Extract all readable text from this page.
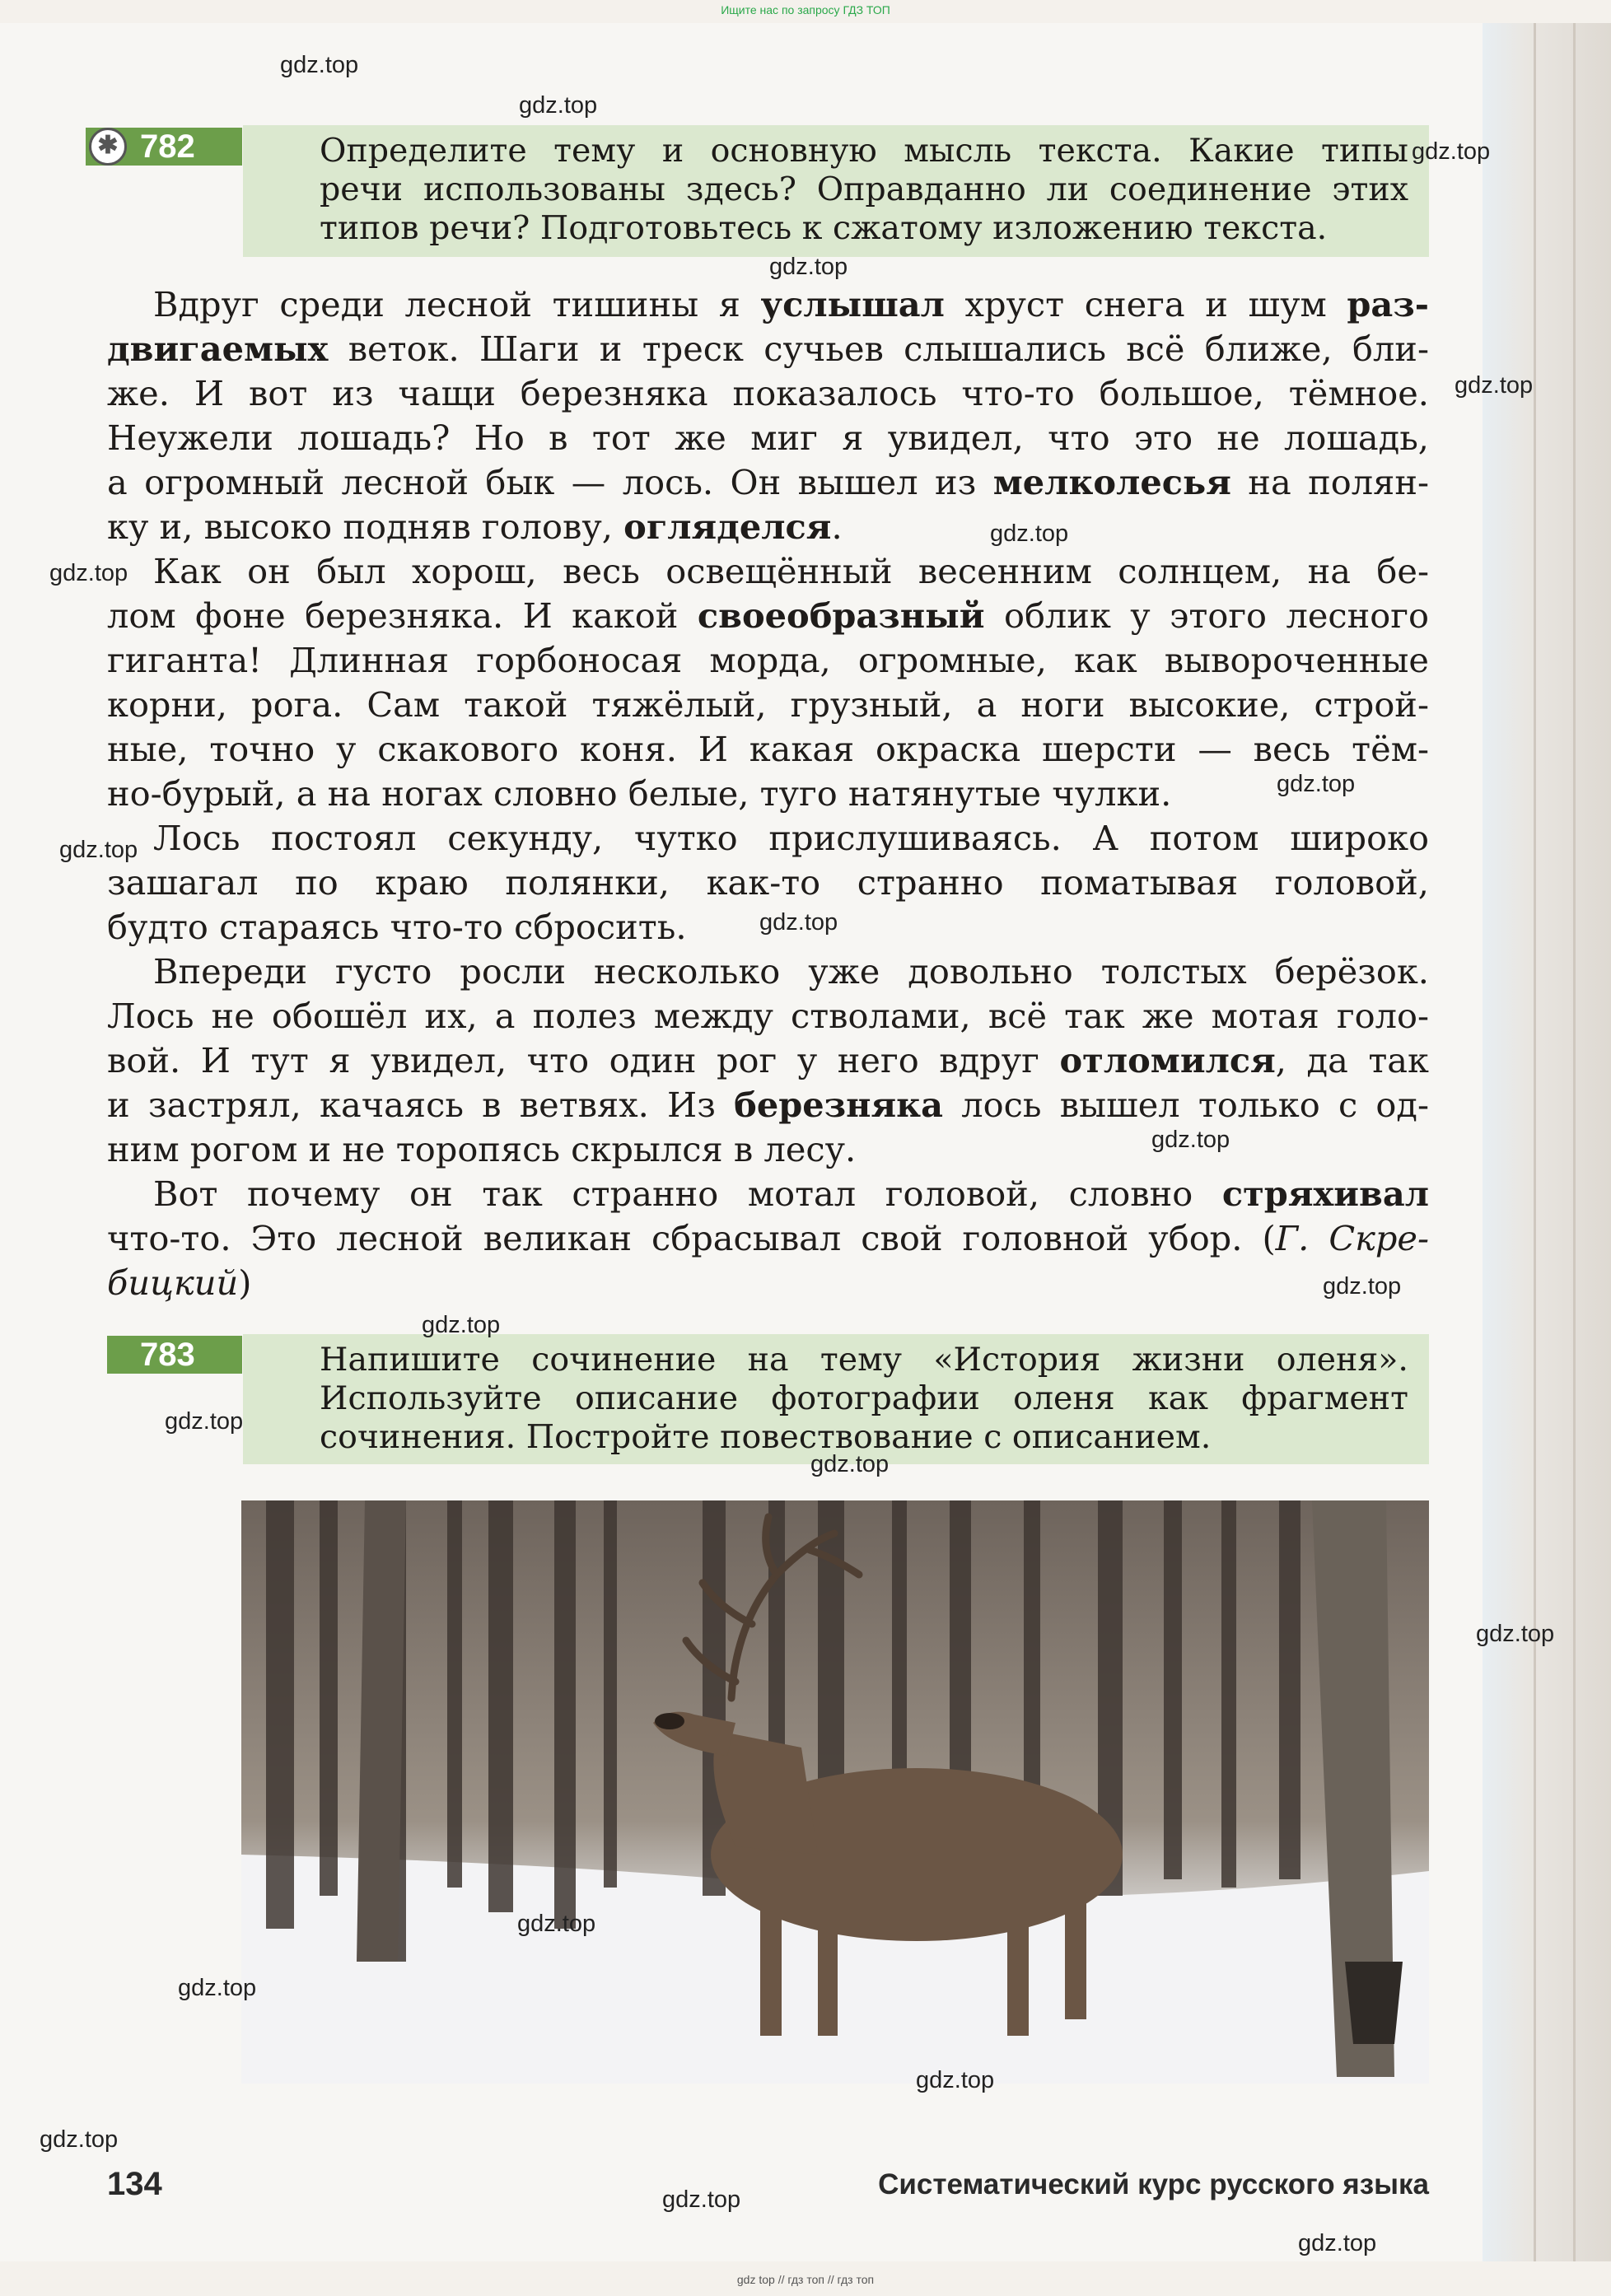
Ищите нас по запросу ГДЗ ТОП
✱ 782	Определите тему и основную мысль текста. Какие типы
речи использованы здесь? Оправданно ли соединение этих
типов речи? Подготовьтесь к сжатому изложению текста.

Вдруг среди лесной тишины я услышал хруст снега и шум раз-
двигаемых веток. Шаги и треск сучьев слышались всё ближе, бли-
же. И вот из чащи березняка показалось что-то большое, тёмное.
Неужели лошадь? Но в тот же миг я увидел, что это не лошадь,
а огромный лесной бык — лось. Он вышел из мелколесья на полян-
ку и, высоко подняв голову, огляделся.

Как он был хорош, весь освещённый весенним солнцем, на бе-
лом фоне березняка. И какой своеобразный облик у этого лесного
гиганта! Длинная горбоносая морда, огромные, как вывороченные
корни, рога. Сам такой тяжёлый, грузный, а ноги высокие, строй-
ные, точно у скакового коня. И какая окраска шерсти — весь тём-
но-бурый, а на ногах словно белые, туго натянутые чулки.

Лось постоял секунду, чутко прислушиваясь. А потом широко
зашагал по краю полянки, как-то странно поматывая головой,
будто стараясь что-то сбросить.

Впереди густо росли несколько уже довольно толстых берёзок.
Лось не обошёл их, а полез между стволами, всё так же мотая голо-
вой. И тут я увидел, что один рог у него вдруг отломился, да так
и застрял, качаясь в ветвях. Из березняка лось вышел только с од-
ним рогом и не торопясь скрылся в лесу.

Вот почему он так странно мотал головой, словно стряхивал
что-то. Это лесной великан сбрасывал свой головной убор. (Г. Скре-
бицкий)

783	Напишите сочинение на тему «История жизни оленя».
Используйте описание фотографии оленя как фрагмент
сочинения. Постройте повествование с описанием.
134	Систематический курс русского языка
gdz.top
gdz.top
gdz.top
gdz.top
gdz.top
gdz.top
gdz.top
gdz.top
gdz.top
gdz.top
gdz.top
gdz.top
gdz.top
gdz.top
gdz.top
gdz.top
gdz.top
gdz.top
gdz.top
gdz.top
gdz.top
gdz.top
gdz top // гдз топ // гдз топ
